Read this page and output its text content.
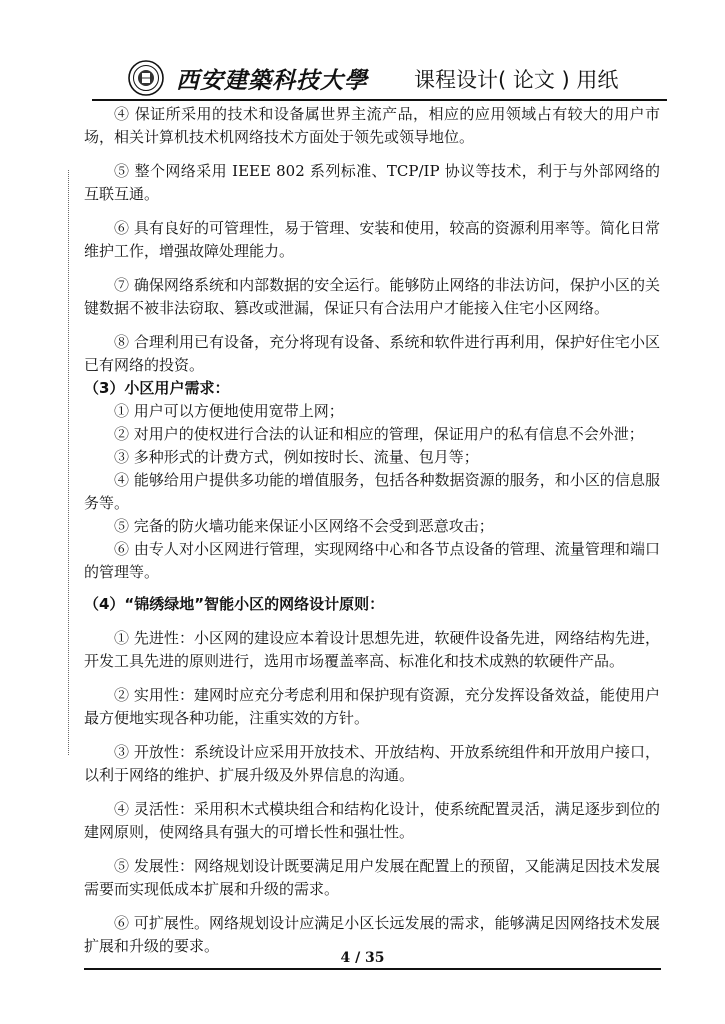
西安建築科技大學 课程设计( 论文 ) 用纸

④ 保证所采用的技术和设备属世界主流产品，相应的应用领域占有较大的用户市场，相关计算机技术机网络技术方面处于领先或领导地位。

⑤ 整个网络采用 IEEE 802 系列标准、TCP/IP 协议等技术，利于与外部网络的互联互通。

⑥ 具有良好的可管理性，易于管理、安装和使用，较高的资源利用率等。简化日常维护工作，增强故障处理能力。

⑦ 确保网络系统和内部数据的安全运行。能够防止网络的非法访问，保护小区的关键数据不被非法窃取、篡改或泄漏，保证只有合法用户才能接入住宅小区网络。

⑧ 合理利用已有设备，充分将现有设备、系统和软件进行再利用，保护好住宅小区已有网络的投资。

（3）小区用户需求：

① 用户可以方便地使用宽带上网；

② 对用户的使权进行合法的认证和相应的管理，保证用户的私有信息不会外泄；

③ 多种形式的计费方式，例如按时长、流量、包月等；

④ 能够给用户提供多功能的增值服务，包括各种数据资源的服务，和小区的信息服务等。

⑤ 完备的防火墙功能来保证小区网络不会受到恶意攻击；

⑥ 由专人对小区网进行管理，实现网络中心和各节点设备的管理、流量管理和端口的管理等。

（4）“锦绣绿地”智能小区的网络设计原则：

① 先进性：小区网的建设应本着设计思想先进，软硬件设备先进，网络结构先进，开发工具先进的原则进行，选用市场覆盖率高、标准化和技术成熟的软硬件产品。

② 实用性：建网时应充分考虑利用和保护现有资源，充分发挥设备效益，能使用户最方便地实现各种功能，注重实效的方针。

③ 开放性：系统设计应采用开放技术、开放结构、开放系统组件和开放用户接口，以利于网络的维护、扩展升级及外界信息的沟通。

④ 灵活性：采用积木式模块组合和结构化设计，使系统配置灵活，满足逐步到位的建网原则，使网络具有强大的可增长性和强壮性。

⑤ 发展性：网络规划设计既要满足用户发展在配置上的预留，又能满足因技术发展需要而实现低成本扩展和升级的需求。

⑥ 可扩展性。网络规划设计应满足小区长远发展的需求，能够满足因网络技术发展扩展和升级的要求。

4 / 35
